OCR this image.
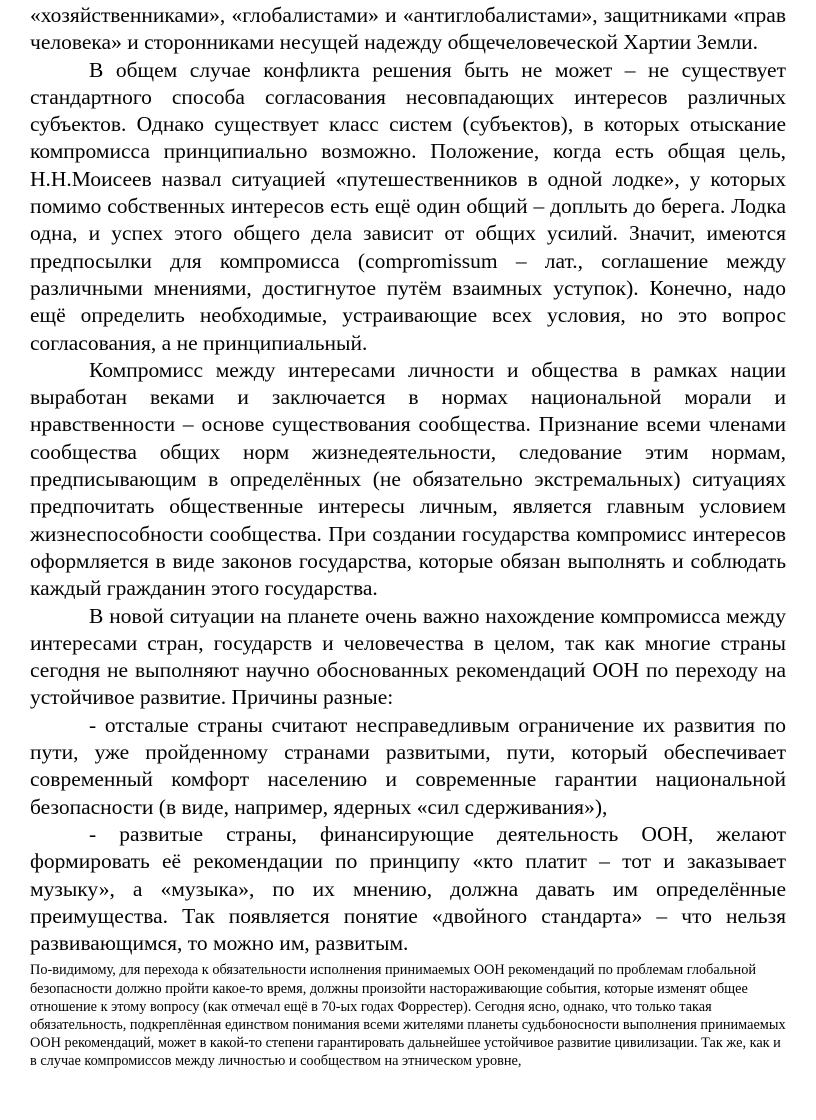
«хозяйственниками», «глобалистами» и «антиглобалистами», защитниками «прав человека» и сторонниками несущей надежду общечеловеческой Хартии Земли.

В общем случае конфликта решения быть не может – не существует стандартного способа согласования несовпадающих интересов различных субъектов. Однако существует класс систем (субъектов), в которых отыскание компромисса принципиально возможно. Положение, когда есть общая цель, Н.Н.Моисеев назвал ситуацией «путешественников в одной лодке», у которых помимо собственных интересов есть ещё один общий – доплыть до берега. Лодка одна, и успех этого общего дела зависит от общих усилий. Значит, имеются предпосылки для компромисса (compromissum – лат., соглашение между различными мнениями, достигнутое путём взаимных уступок). Конечно, надо ещё определить необходимые, устраивающие всех условия, но это вопрос согласования, а не принципиальный.

Компромисс между интересами личности и общества в рамках нации выработан веками и заключается в нормах национальной морали и нравственности – основе существования сообщества. Признание всеми членами сообщества общих норм жизнедеятельности, следование этим нормам, предписывающим в определённых (не обязательно экстремальных) ситуациях предпочитать общественные интересы личным, является главным условием жизнеспособности сообщества. При создании государства компромисс интересов оформляется в виде законов государства, которые обязан выполнять и соблюдать каждый гражданин этого государства.

В новой ситуации на планете очень важно нахождение компромисса между интересами стран, государств и человечества в целом, так как многие страны сегодня не выполняют научно обоснованных рекомендаций ООН по переходу на устойчивое развитие. Причины разные:

- отсталые страны считают несправедливым ограничение их развития по пути, уже пройденному странами развитыми, пути, который обеспечивает современный комфорт населению и современные гарантии национальной безопасности (в виде, например, ядерных «сил сдерживания»),

- развитые страны, финансирующие деятельность ООН, желают формировать её рекомендации по принципу «кто платит – тот и заказывает музыку», а «музыка», по их мнению, должна давать им определённые преимущества. Так появляется понятие «двойного стандарта» – что нельзя развивающимся, то можно им, развитым.

По-видимому, для перехода к обязательности исполнения принимаемых ООН рекомендаций по проблемам глобальной безопасности должно пройти какое-то время, должны произойти настораживающие события, которые изменят общее отношение к этому вопросу (как отмечал ещё в 70-ых годах Форрестер). Сегодня ясно, однако, что только такая обязательность, подкреплённая единством понимания всеми жителями планеты судьбоносности выполнения принимаемых ООН рекомендаций, может в какой-то степени гарантировать дальнейшее устойчивое развитие цивилизации. Так же, как и в случае компромиссов между личностью и сообществом на этническом уровне,
